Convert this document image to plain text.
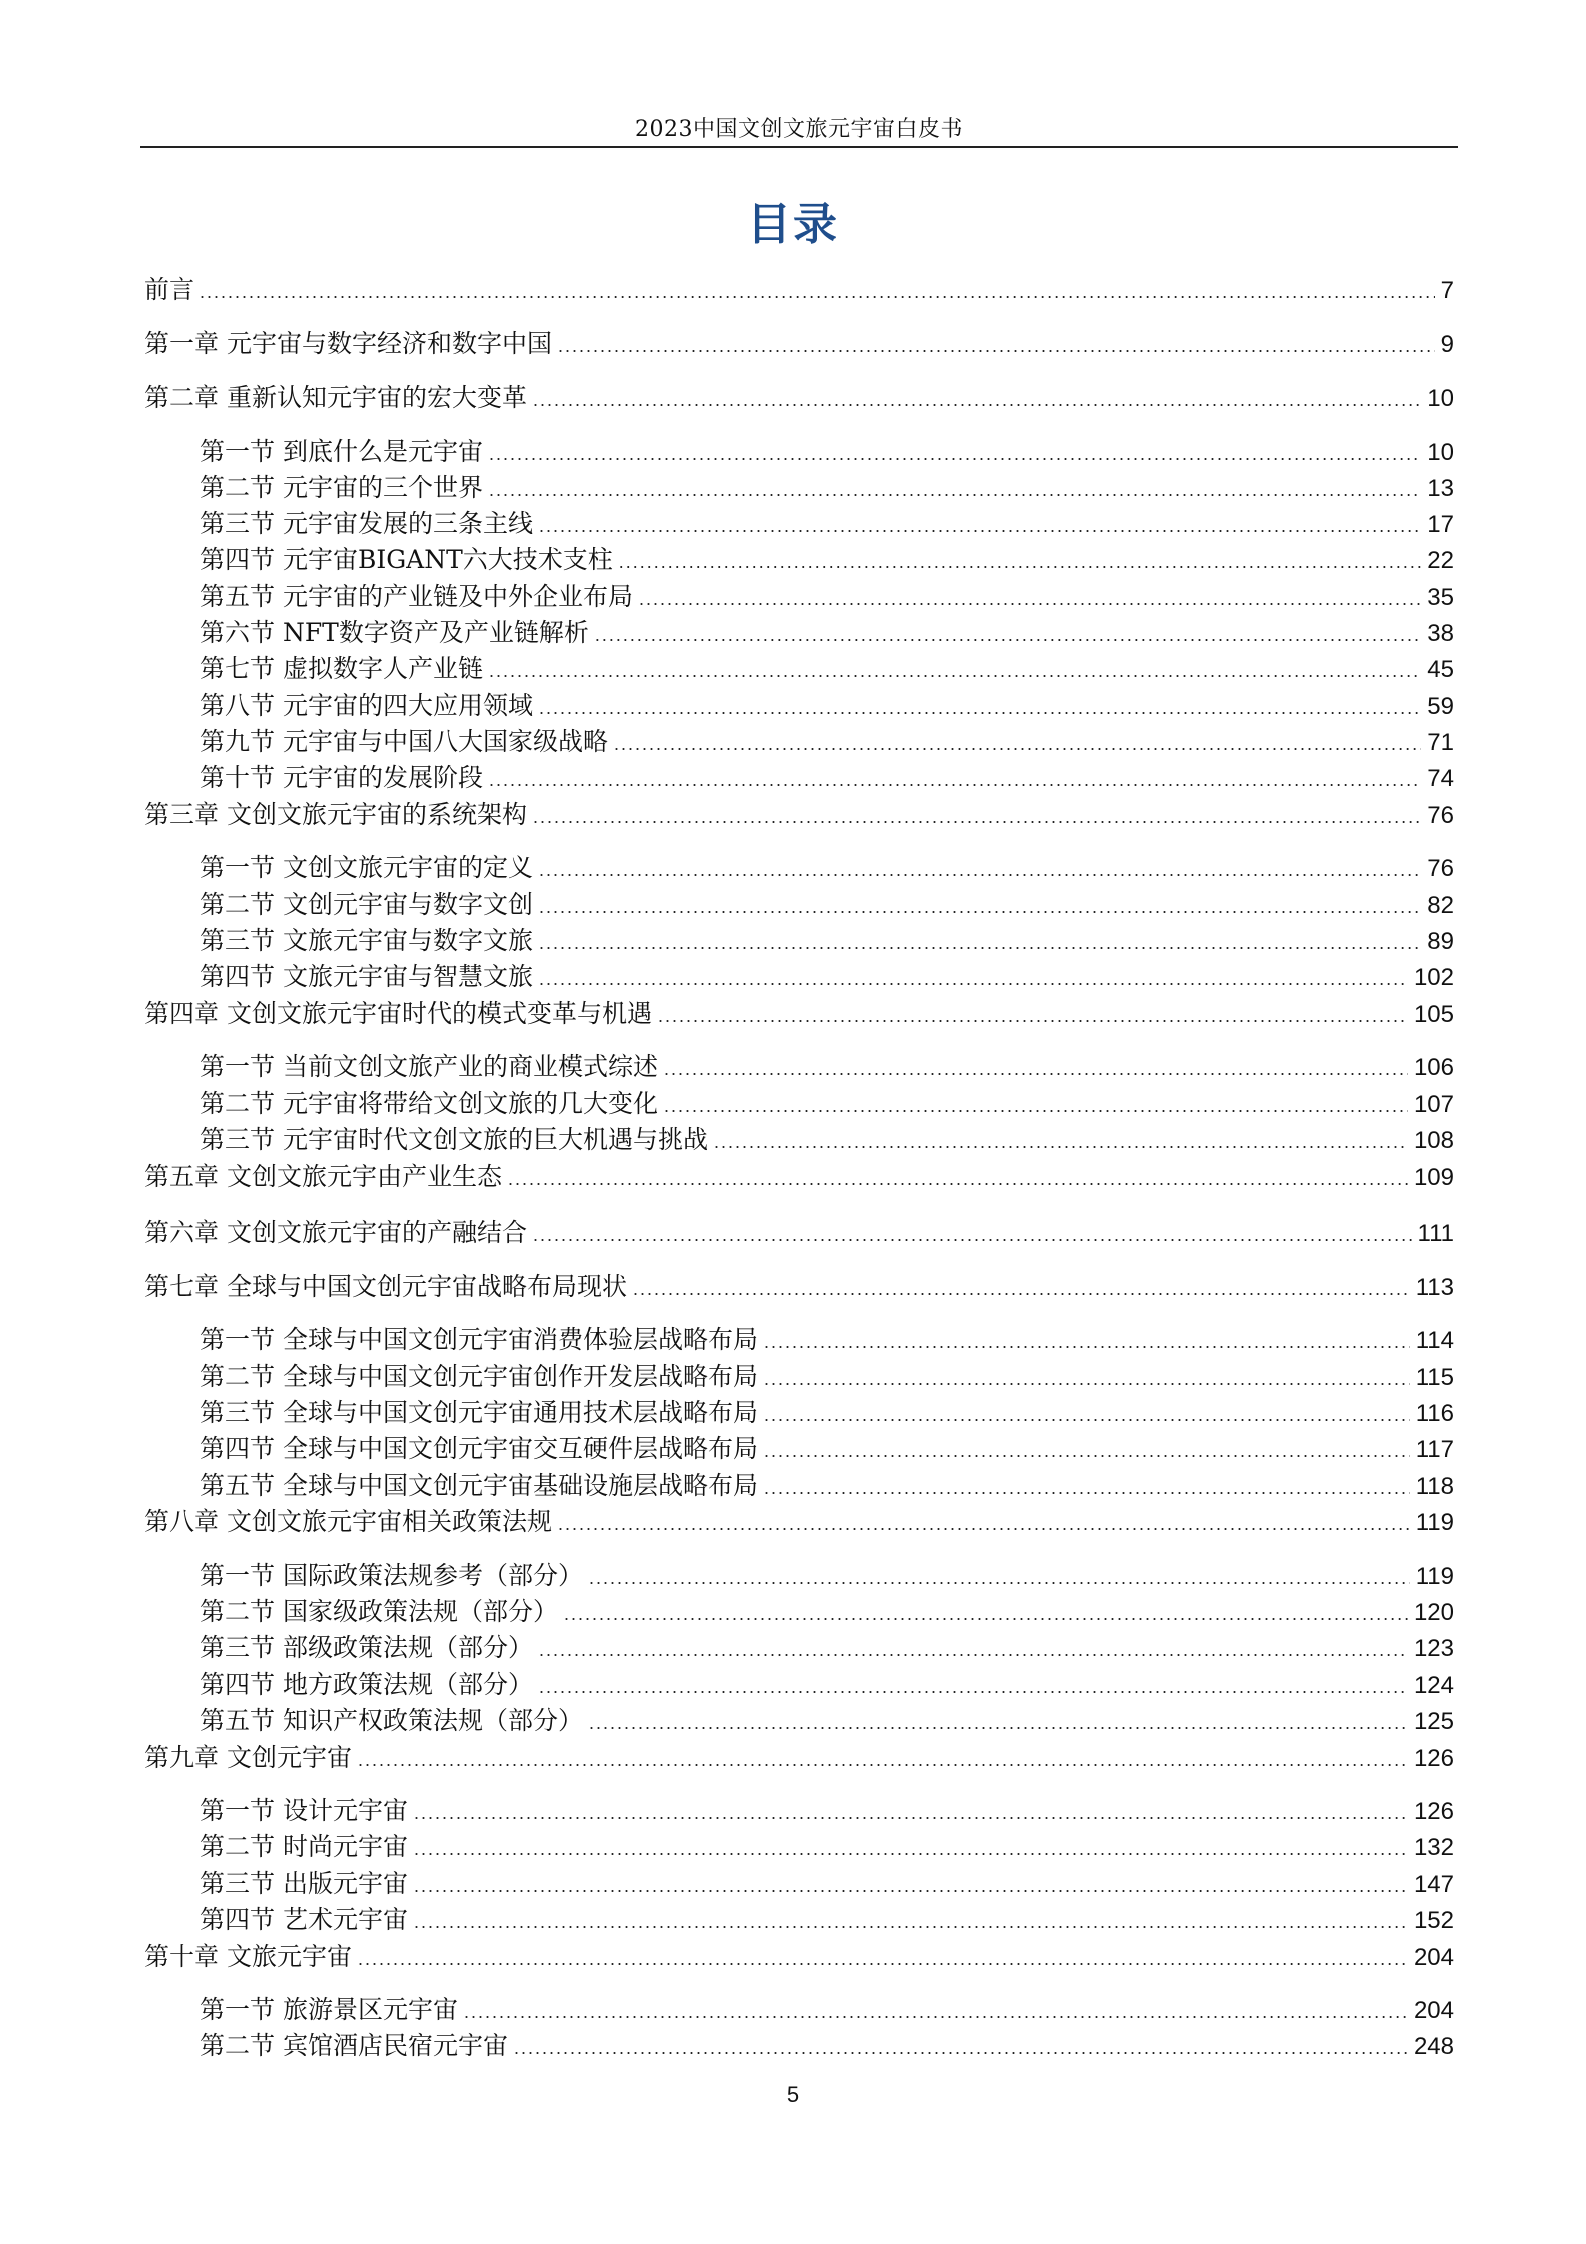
2023中国文创文旅元宇宙白皮书
目录
前言 .....	7
第一章 元宇宙与数字经济和数字中国 .....	9
第二章 重新认知元宇宙的宏大变革 .....	10
第一节 到底什么是元宇宙 .....	10
第二节 元宇宙的三个世界 .....	13
第三节 元宇宙发展的三条主线 .....	17
第四节 元宇宙BIGANT六大技术支柱 .....	22
第五节 元宇宙的产业链及中外企业布局 .....	35
第六节 NFT数字资产及产业链解析 .....	38
第七节 虚拟数字人产业链 .....	45
第八节 元宇宙的四大应用领域 .....	59
第九节 元宇宙与中国八大国家级战略 .....	71
第十节 元宇宙的发展阶段 .....	74
第三章 文创文旅元宇宙的系统架构 .....	76
第一节 文创文旅元宇宙的定义 .....	76
第二节 文创元宇宙与数字文创 .....	82
第三节 文旅元宇宙与数字文旅 .....	89
第四节 文旅元宇宙与智慧文旅 .....	102
第四章 文创文旅元宇宙时代的模式变革与机遇 .....	105
第一节 当前文创文旅产业的商业模式综述 .....	106
第二节 元宇宙将带给文创文旅的几大变化 .....	107
第三节 元宇宙时代文创文旅的巨大机遇与挑战 .....	108
第五章 文创文旅元宇由产业生态 .....	109
第六章 文创文旅元宇宙的产融结合 .....	111
第七章 全球与中国文创元宇宙战略布局现状 .....	113
第一节 全球与中国文创元宇宙消费体验层战略布局 .....	114
第二节 全球与中国文创元宇宙创作开发层战略布局 .....	115
第三节 全球与中国文创元宇宙通用技术层战略布局 .....	116
第四节 全球与中国文创元宇宙交互硬件层战略布局 .....	117
第五节 全球与中国文创元宇宙基础设施层战略布局 .....	118
第八章 文创文旅元宇宙相关政策法规 .....	119
第一节 国际政策法规参考（部分） .....	119
第二节 国家级政策法规（部分） .....	120
第三节 部级政策法规（部分） .....	123
第四节 地方政策法规（部分） .....	124
第五节 知识产权政策法规（部分） .....	125
第九章 文创元宇宙 .....	126
第一节 设计元宇宙 .....	126
第二节 时尚元宇宙 .....	132
第三节 出版元宇宙 .....	147
第四节 艺术元宇宙 .....	152
第十章 文旅元宇宙 .....	204
第一节 旅游景区元宇宙 .....	204
第二节 宾馆酒店民宿元宇宙 .....	248
5
